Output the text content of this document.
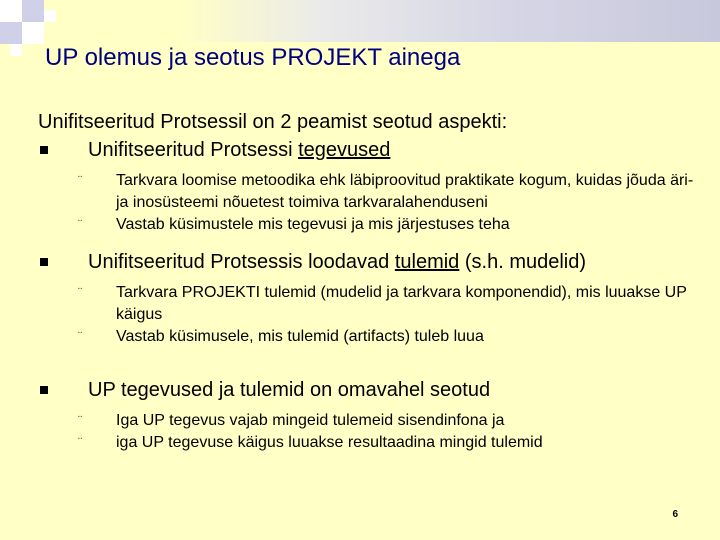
UP olemus ja seotus PROJEKT ainega

Unifitseeritud Protsessil on 2 peamist seotud aspekti:

Unifitseeritud Protsessi tegevused
¨ Tarkvara loomise metoodika ehk läbiproovitud praktikate kogum, kuidas jõuda äri- ja inosüsteemi nõuetest toimiva tarkvaralahenduseni
¨ Vastab küsimustele mis tegevusi ja mis järjestuses teha
Unifitseeritud Protsessis loodavad tulemid (s.h. mudelid)
¨ Tarkvara PROJEKTI tulemid (mudelid ja tarkvara komponendid), mis luuakse UP käigus
¨ Vastab küsimusele, mis tulemid (artifacts) tuleb luua
UP tegevused ja tulemid on omavahel seotud
¨ Iga UP tegevus vajab mingeid tulemeid sisendinfona ja
¨ iga UP tegevuse käigus luuakse resultaadina mingid tulemid
6
